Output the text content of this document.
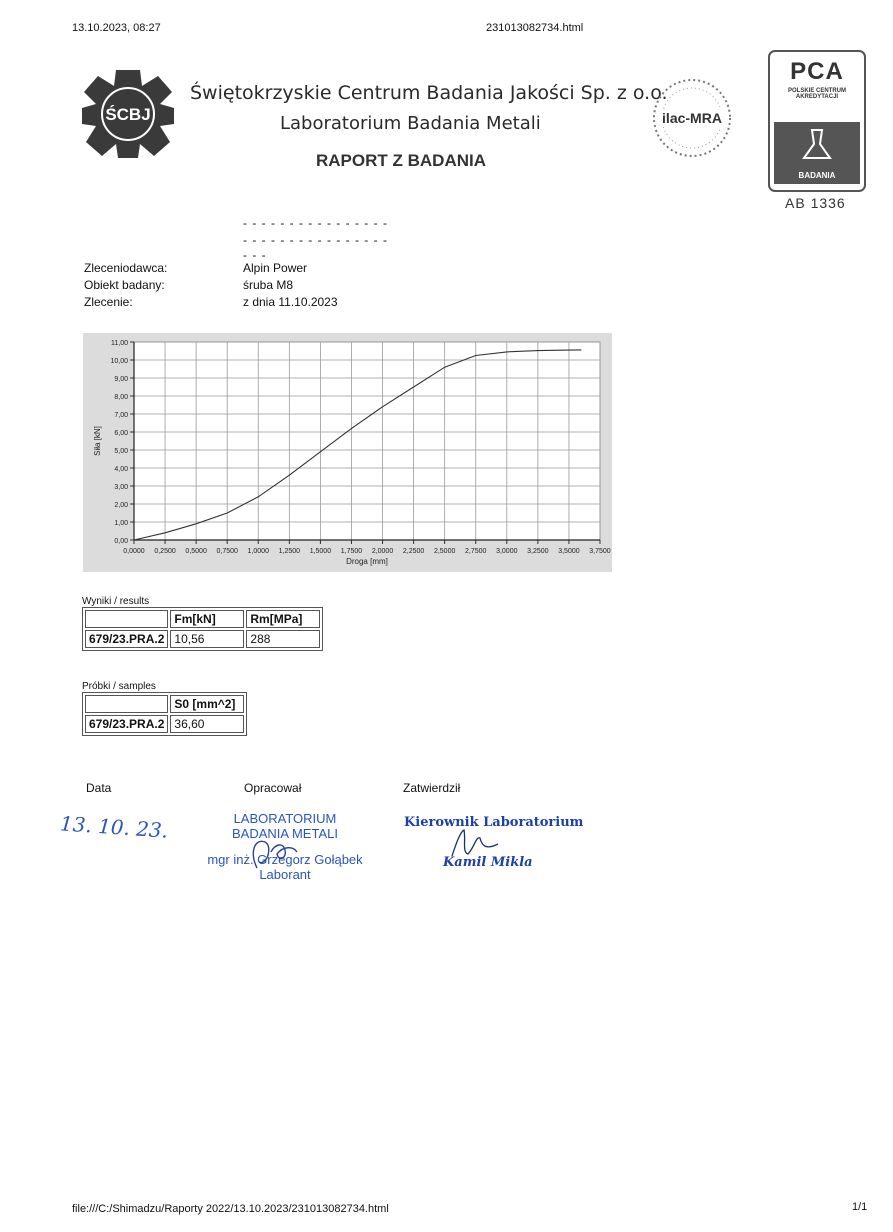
13.10.2023, 08:27	231013082734.html
ŚCBJ
Świętokrzyskie Centrum Badania Jakości Sp. z o.o.
Laboratorium Badania Metali
RAPORT Z BADANIA
ilac-MRA
PCA
POLSKIE CENTRUM
AKREDYTACJI
BADANIA
AB 1336
- - - - - - - - - - - - - - - -
- - - - - - - - - - - - - - - -
- - -
Zleceniodawca:	Alpin Power
Obiekt badany:	śruba M8
Zlecenie:	z dnia 11.10.2023
0,0000 0,2500 0,5000 0,7500 1,0000 1,2500 1,5000 1,7500 2,0000 2,2500 2,5000 2,7500 3,0000 3,2500 3,5000 3,7500
0,00
1,00
2,00
3,00
4,00
5,00
6,00
7,00
8,00
9,00
10,00
11,00
Droga [mm]
Siła [kN]
Wyniki / results
	Fm[kN]	Rm[MPa]
679/23.PRA.2	10,56	288
Próbki / samples
	S0 [mm^2]
679/23.PRA.2	36,60
Data	Opracował	Zatwierdził
13. 10. 23.	LABORATORIUM
BADANIA METALI
mgr inż. Grzegorz Gołąbek
Laborant
Kierownik Laboratorium
Kamil Mikla
file:///C:/Shimadzu/Raporty 2022/13.10.2023/231013082734.html	1/1
